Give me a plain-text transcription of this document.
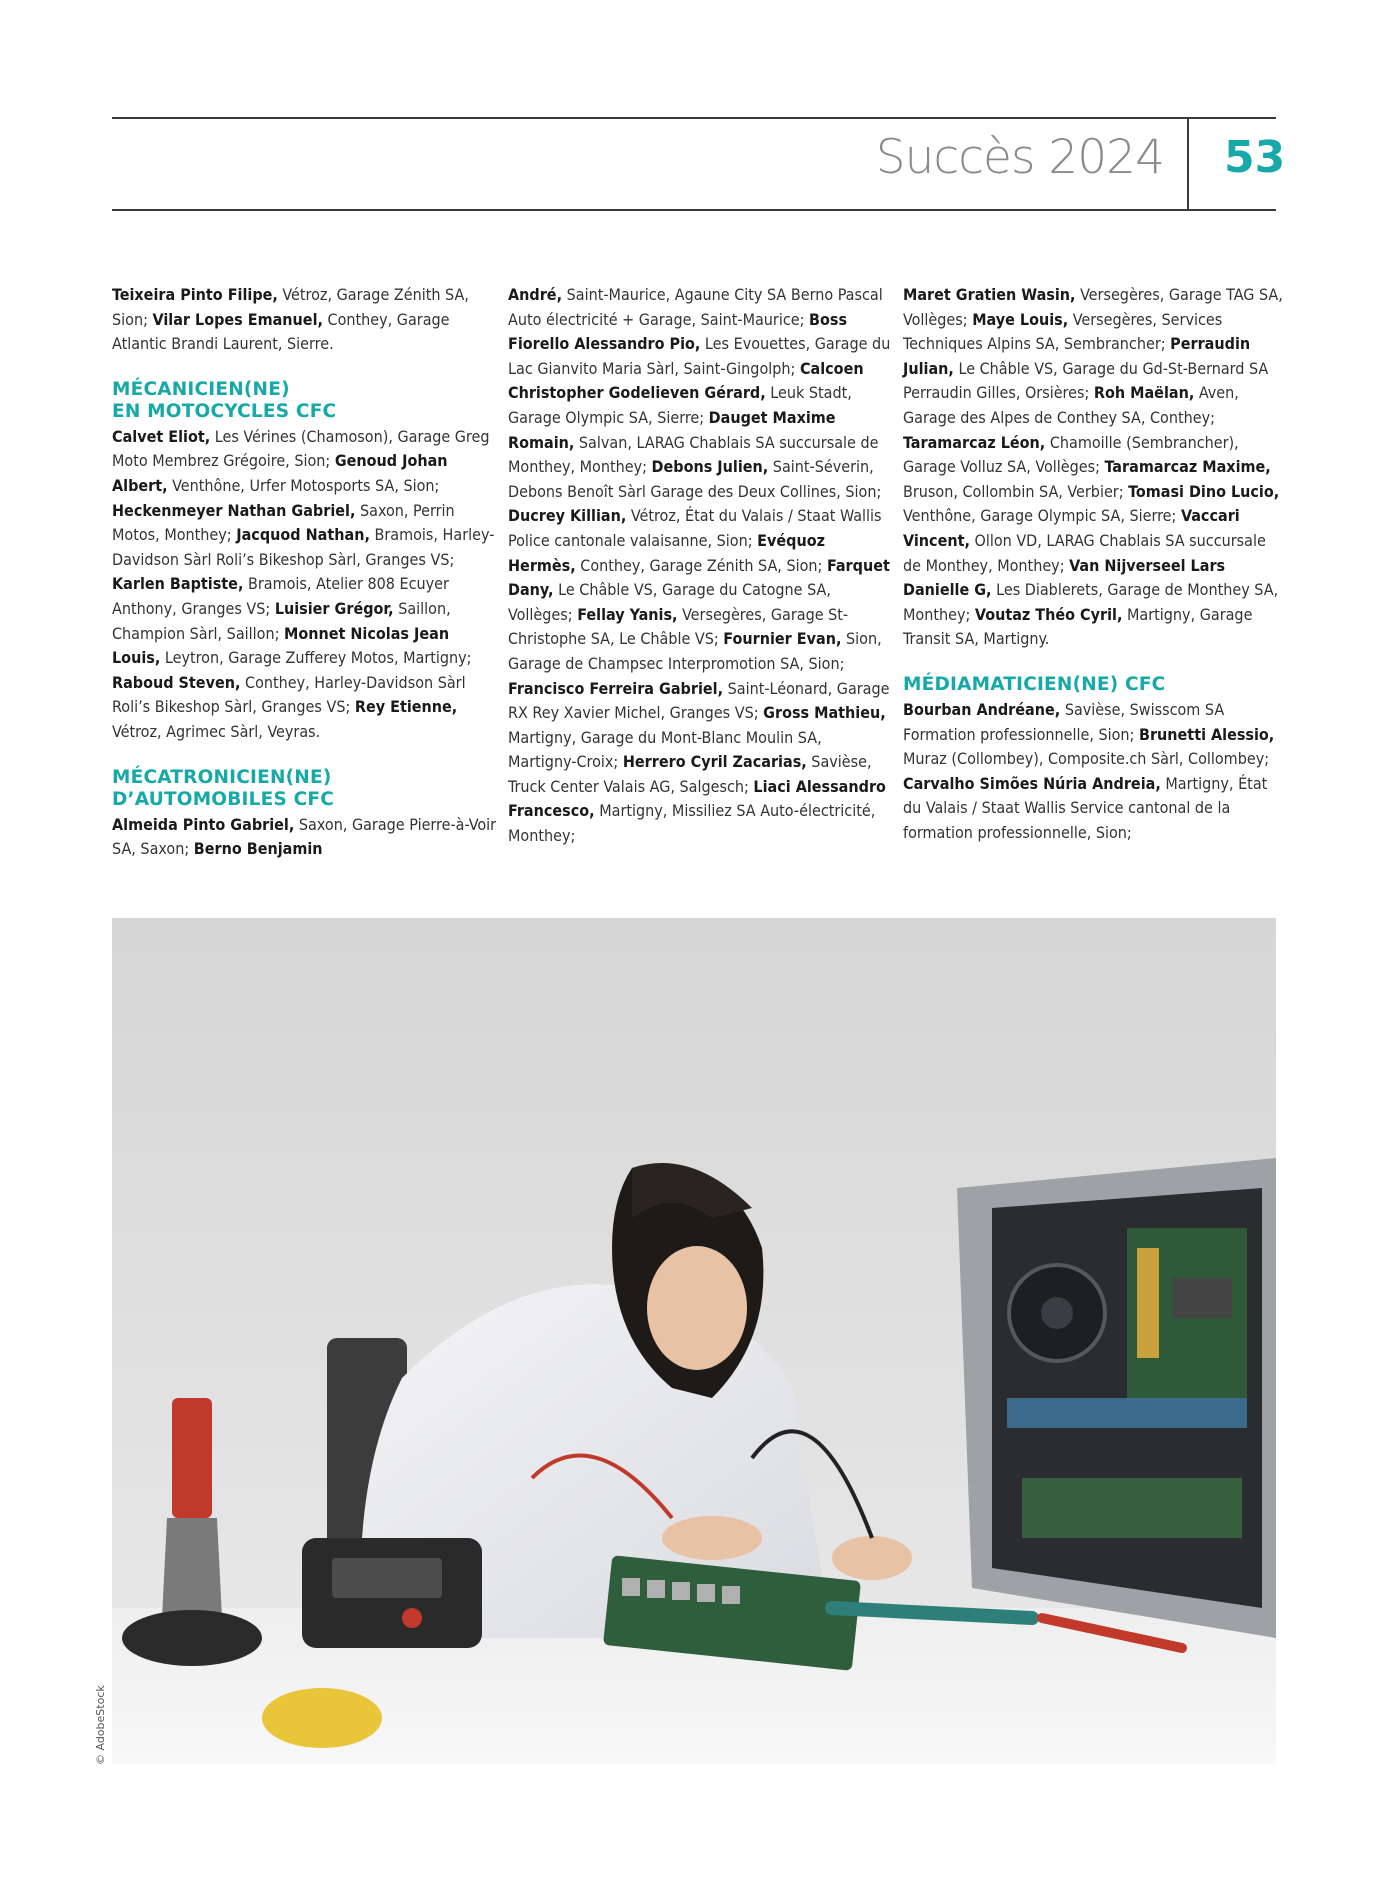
Succès 2024 53

Teixeira Pinto Filipe, Vétroz, Garage Zénith SA, Sion; Vilar Lopes Emanuel, Conthey, Garage Atlantic Brandi Laurent, Sierre.

MÉCANICIEN(NE)
EN MOTOCYCLES CFC

Calvet Eliot, Les Vérines (Chamoson), Garage Greg Moto Membrez Grégoire, Sion; Genoud Johan Albert, Venthône, Urfer Motosports SA, Sion; Heckenmeyer Nathan Gabriel, Saxon, Perrin Motos, Monthey; Jacquod Nathan, Bramois, Harley-Davidson Sàrl Roli’s Bikeshop Sàrl, Granges VS; Karlen Baptiste, Bramois, Atelier 808 Ecuyer Anthony, Granges VS; Luisier Grégor, Saillon, Champion Sàrl, Saillon; Monnet Nicolas Jean Louis, Leytron, Garage Zufferey Motos, Martigny; Raboud Steven, Conthey, Harley-Davidson Sàrl Roli’s Bikeshop Sàrl, Granges VS; Rey Etienne, Vétroz, Agrimec Sàrl, Veyras.

MÉCATRONICIEN(NE)
D’AUTOMOBILES CFC

Almeida Pinto Gabriel, Saxon, Garage Pierre-à-Voir SA, Saxon; Berno Benjamin

André, Saint-Maurice, Agaune City SA Berno Pascal Auto électricité + Garage, Saint-Maurice; Boss Fiorello Alessandro Pio, Les Evouettes, Garage du Lac Gianvito Maria Sàrl, Saint-Gingolph; Calcoen Christopher Godelieven Gérard, Leuk Stadt, Garage Olympic SA, Sierre; Dauget Maxime Romain, Salvan, LARAG Chablais SA succursale de Monthey, Monthey; Debons Julien, Saint-Séverin, Debons Benoît Sàrl Garage des Deux Collines, Sion; Ducrey Killian, Vétroz, État du Valais / Staat Wallis Police cantonale valaisanne, Sion; Evéquoz Hermès, Conthey, Garage Zénith SA, Sion; Farquet Dany, Le Châble VS, Garage du Catogne SA, Vollèges; Fellay Yanis, Versegères, Garage St-Christophe SA, Le Châble VS; Fournier Evan, Sion, Garage de Champsec Interpromotion SA, Sion; Francisco Ferreira Gabriel, Saint-Léonard, Garage RX Rey Xavier Michel, Granges VS; Gross Mathieu, Martigny, Garage du Mont-Blanc Moulin SA, Martigny-Croix; Herrero Cyril Zacarias, Savièse, Truck Center Valais AG, Salgesch; Liaci Alessandro Francesco, Martigny, Missiliez SA Auto-électricité, Monthey;

Maret Gratien Wasin, Versegères, Garage TAG SA, Vollèges; Maye Louis, Versegères, Services Techniques Alpins SA, Sembrancher; Perraudin Julian, Le Châble VS, Garage du Gd-St-Bernard SA Perraudin Gilles, Orsières; Roh Maëlan, Aven, Garage des Alpes de Conthey SA, Conthey; Taramarcaz Léon, Chamoille (Sembrancher), Garage Volluz SA, Vollèges; Taramarcaz Maxime, Bruson, Collombin SA, Verbier; Tomasi Dino Lucio, Venthône, Garage Olympic SA, Sierre; Vaccari Vincent, Ollon VD, LARAG Chablais SA succursale de Monthey, Monthey; Van Nijverseel Lars Danielle G, Les Diablerets, Garage de Monthey SA, Monthey; Voutaz Théo Cyril, Martigny, Garage Transit SA, Martigny.

MÉDIAMATICIEN(NE) CFC

Bourban Andréane, Savièse, Swisscom SA Formation professionnelle, Sion; Brunetti Alessio, Muraz (Collombey), Composite.ch Sàrl, Collombey; Carvalho Simões Núria Andreia, Martigny, État du Valais / Staat Wallis Service cantonal de la formation professionnelle, Sion;

© AdobeStock
